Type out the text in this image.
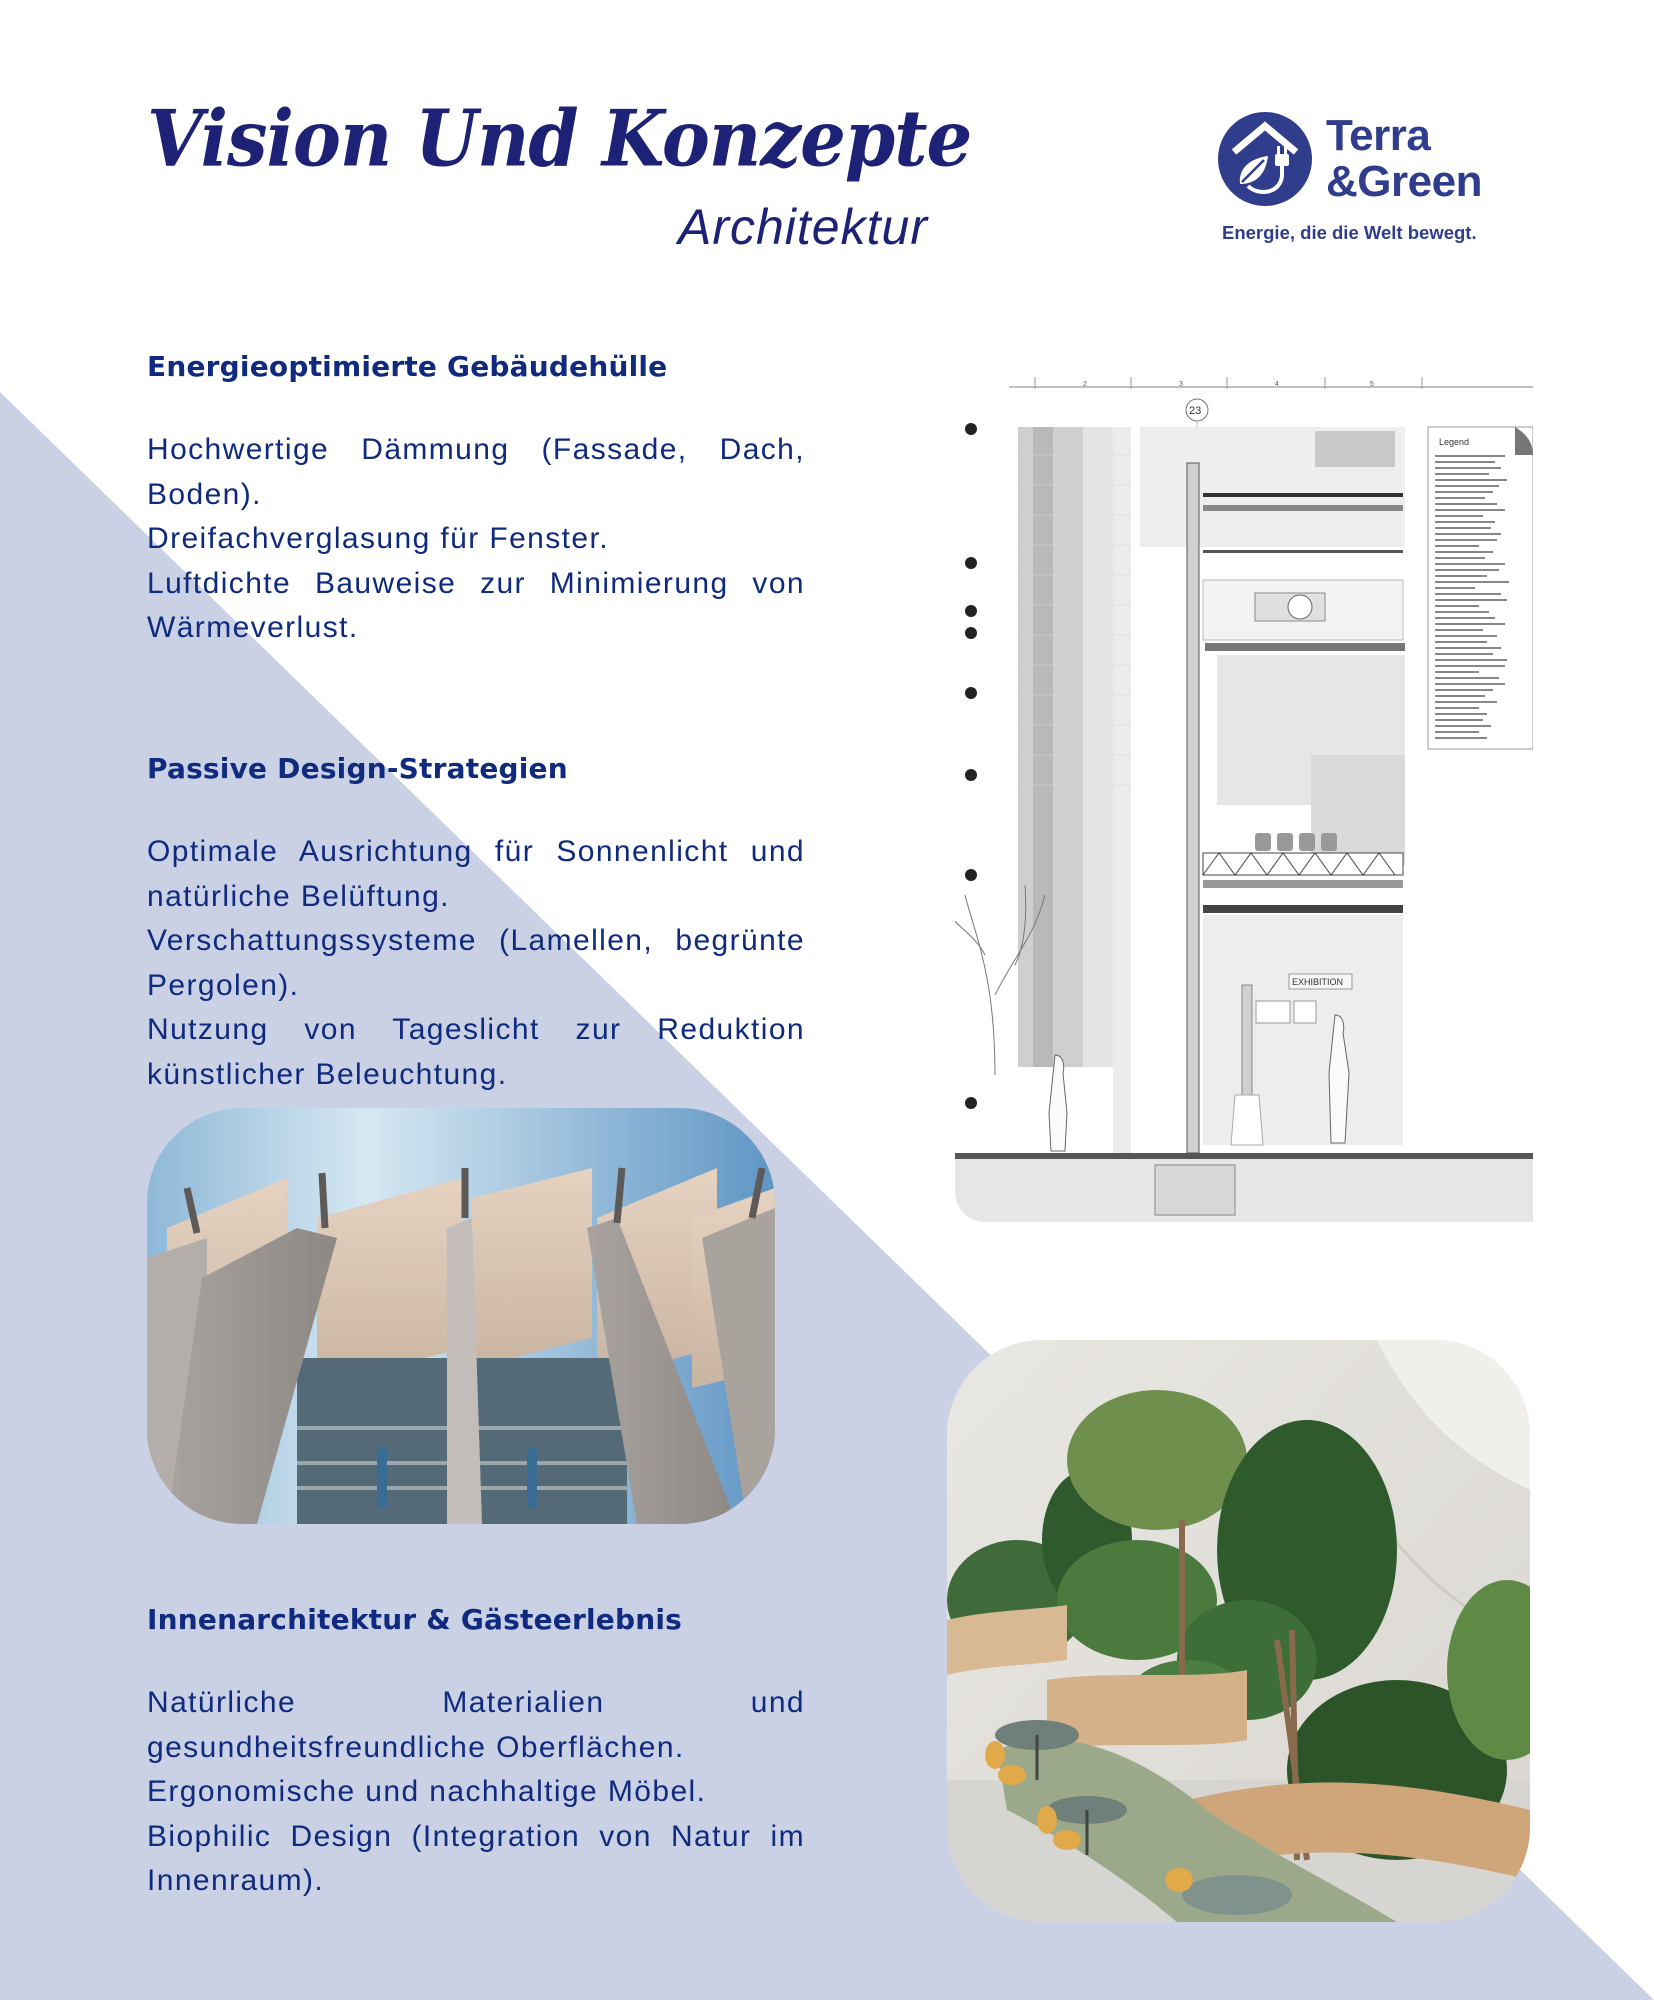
Vision Und Konzepte
Architektur
Terra
&Green
Energie, die die Welt bewegt.
Energieoptimierte Gebäudehülle

Hochwertige Dämmung (Fassade, Dach, Boden).

Dreifachverglasung für Fenster.

Luftdichte Bauweise zur Minimierung von Wärmeverlust.

Passive Design-Strategien

Optimale Ausrichtung für Sonnenlicht und natürliche Belüftung.

Verschattungssysteme (Lamellen, begrünte Pergolen).

Nutzung von Tageslicht zur Reduktion künstlicher Beleuchtung.

Innenarchitektur & Gästeerlebnis

Natürliche Materialien und gesundheitsfreundliche Oberflächen.

Ergonomische und nachhaltige Möbel.

Biophilic Design (Integration von Natur im Innenraum).

2	3	4	5
23
EXHIBITION
Legend
